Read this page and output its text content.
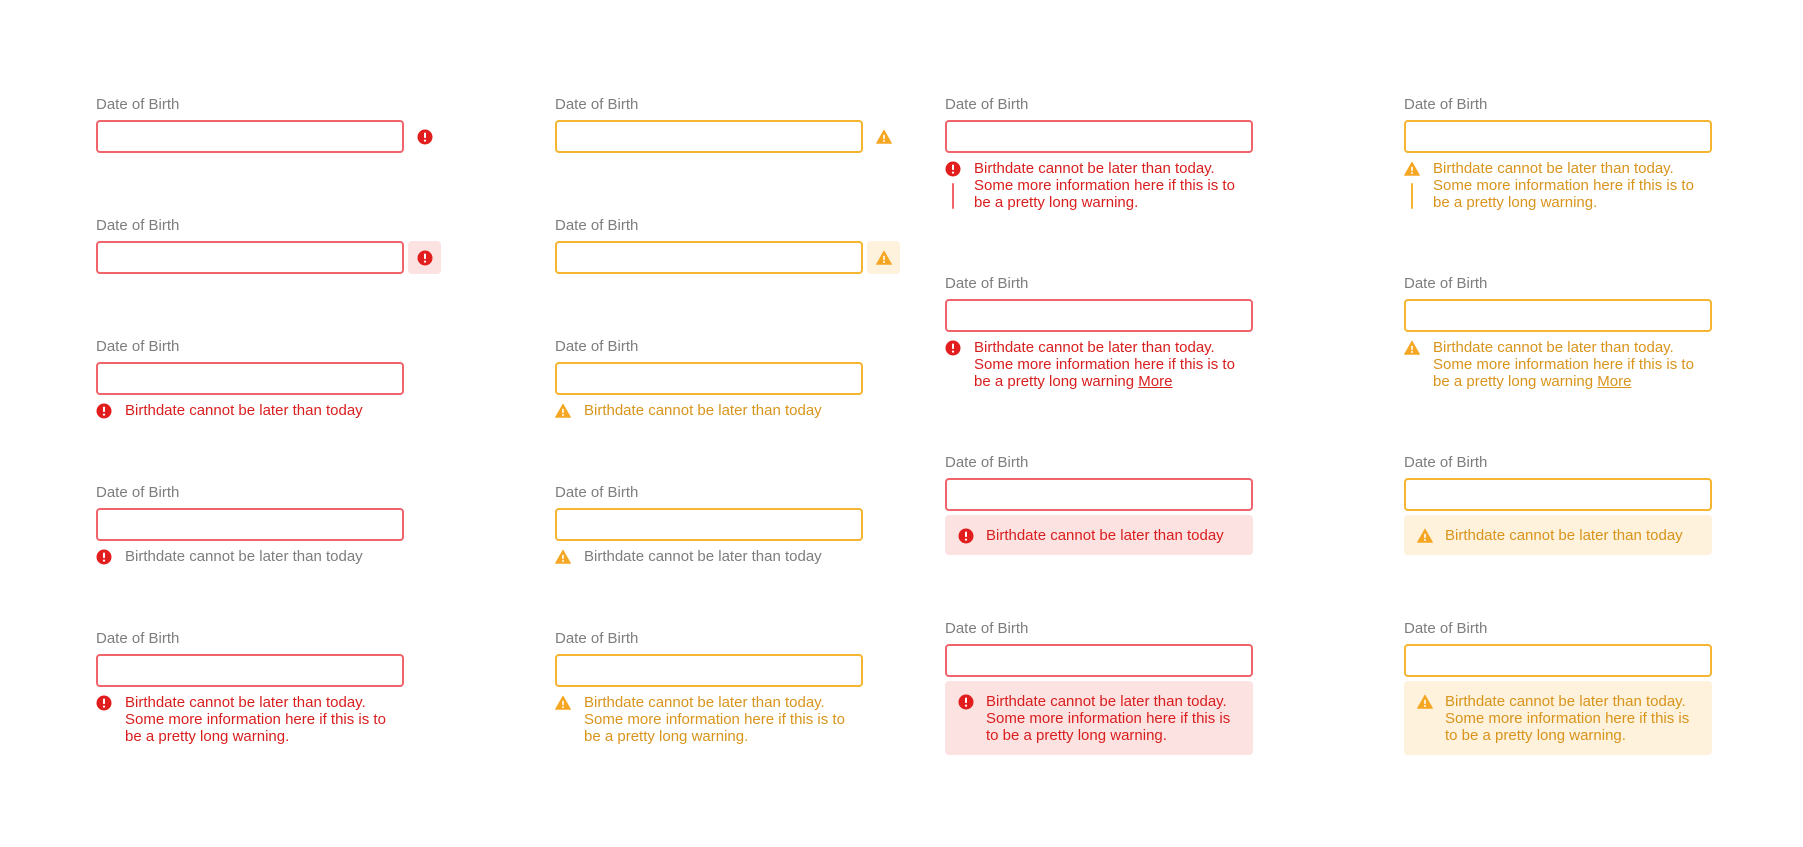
Date of Birth
Date of Birth
Date of Birth
Birthdate cannot be later than today
Date of Birth
Birthdate cannot be later than today
Date of Birth
Birthdate cannot be later than today. Some more information here if this is to be a pretty long warning.
Date of Birth
Date of Birth
Date of Birth
Birthdate cannot be later than today
Date of Birth
Birthdate cannot be later than today
Date of Birth
Birthdate cannot be later than today. Some more information here if this is to be a pretty long warning.
Date of Birth
Birthdate cannot be later than today. Some more information here if this is to be a pretty long warning.
Date of Birth
Birthdate cannot be later than today. Some more information here if this is to be a pretty long warning More
Date of Birth
Birthdate cannot be later than today
Date of Birth
Birthdate cannot be later than today. Some more information here if this is to be a pretty long warning.
Date of Birth
Birthdate cannot be later than today. Some more information here if this is to be a pretty long warning.
Date of Birth
Birthdate cannot be later than today. Some more information here if this is to be a pretty long warning More
Date of Birth
Birthdate cannot be later than today
Date of Birth
Birthdate cannot be later than today. Some more information here if this is to be a pretty long warning.
